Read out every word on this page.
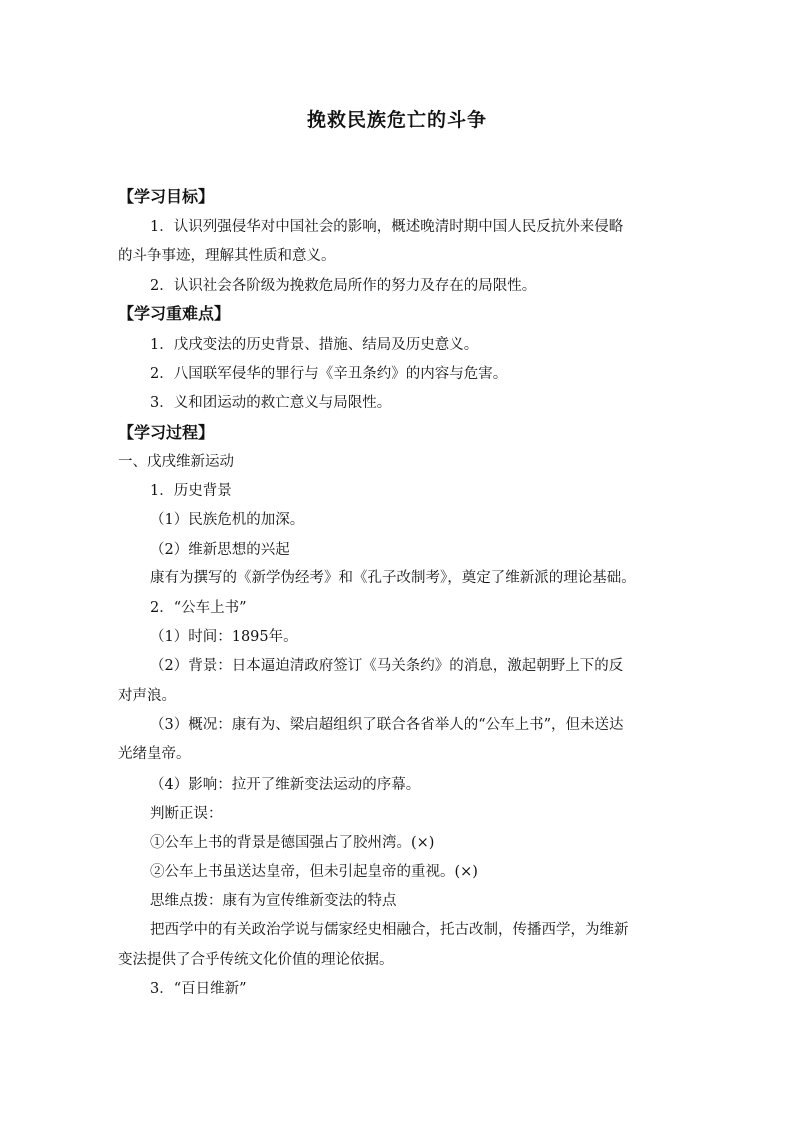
挽救民族危亡的斗争
【学习目标】
1．认识列强侵华对中国社会的影响，概述晚清时期中国人民反抗外来侵略
的斗争事迹，理解其性质和意义。
2．认识社会各阶级为挽救危局所作的努力及存在的局限性。
【学习重难点】
1．戊戌变法的历史背景、措施、结局及历史意义。
2．八国联军侵华的罪行与《辛丑条约》的内容与危害。
3．义和团运动的救亡意义与局限性。
【学习过程】
一、戊戌维新运动
1．历史背景
（1）民族危机的加深。
（2）维新思想的兴起
康有为撰写的《新学伪经考》和《孔子改制考》，奠定了维新派的理论基础。
2．“公车上书”
（1）时间：1895年。
（2）背景：日本逼迫清政府签订《马关条约》的消息，激起朝野上下的反
对声浪。
（3）概况：康有为、梁启超组织了联合各省举人的“公车上书”，但未送达
光绪皇帝。
（4）影响：拉开了维新变法运动的序幕。
判断正误：
①公车上书的背景是德国强占了胶州湾。(×)
②公车上书虽送达皇帝，但未引起皇帝的重视。(×)
思维点拨：康有为宣传维新变法的特点
把西学中的有关政治学说与儒家经史相融合，托古改制，传播西学，为维新
变法提供了合乎传统文化价值的理论依据。
3．“百日维新”
